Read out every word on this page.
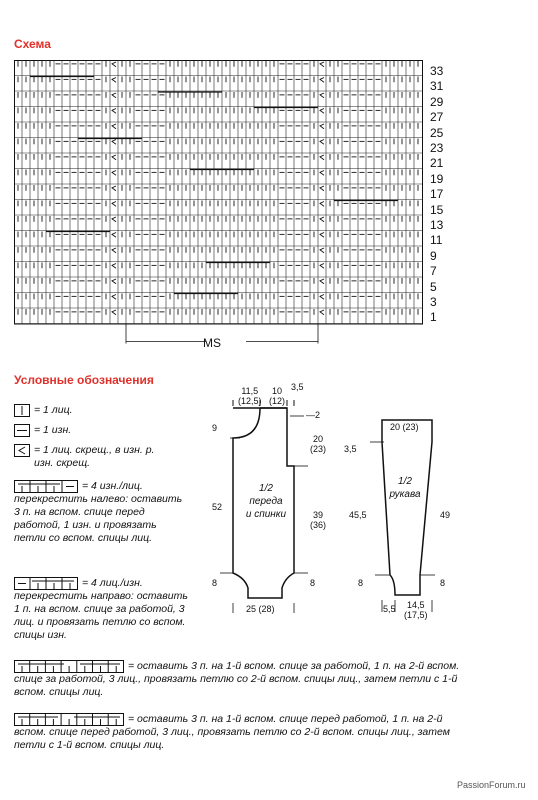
Схема
33
31
29
27
25
23
21
19
17
15
13
11
9
7
5
3
1
MS
Условные обозначения
= 1 лиц.
= 1 изн.
= 1 лиц. скрещ., в изн. р. изн. скрещ.
= 4 изн./лиц. перекрестить налево: оставить 3 п. на вспом. спице перед работой, 1 изн. и провязать петли со вспом. спицы лиц.
= 4 лиц./изн. перекрестить направо: оставить 1 п. на вспом. спице за работой, 3 лиц. и провязать петлю со вспом. спицы изн.
= оставить 3 п. на 1-й вспом. спице за работой, 1 п. на 2-й вспом. спице за работой, 3 лиц., провязать петлю со 2-й вспом. спицы лиц., затем петли с 1-й вспом. спицы лиц.
= оставить 3 п. на 1-й вспом. спице перед работой, 1 п. на 2-й вспом. спице перед работой, 3 лиц., провязать петлю со 2-й вспом. спицы лиц., затем петли с 1-й вспом. спицы лиц.
11,5
(12,5)
10
(12)
3,5
9
—2
20
(23)
52
39
(36)
8	8
25 (28)
1/2
переда
и спинки
20 (23)
3,5
45,5	49
8	8
5,5	14,5
(17,5)
1/2
рукава
PassionForum.ru
